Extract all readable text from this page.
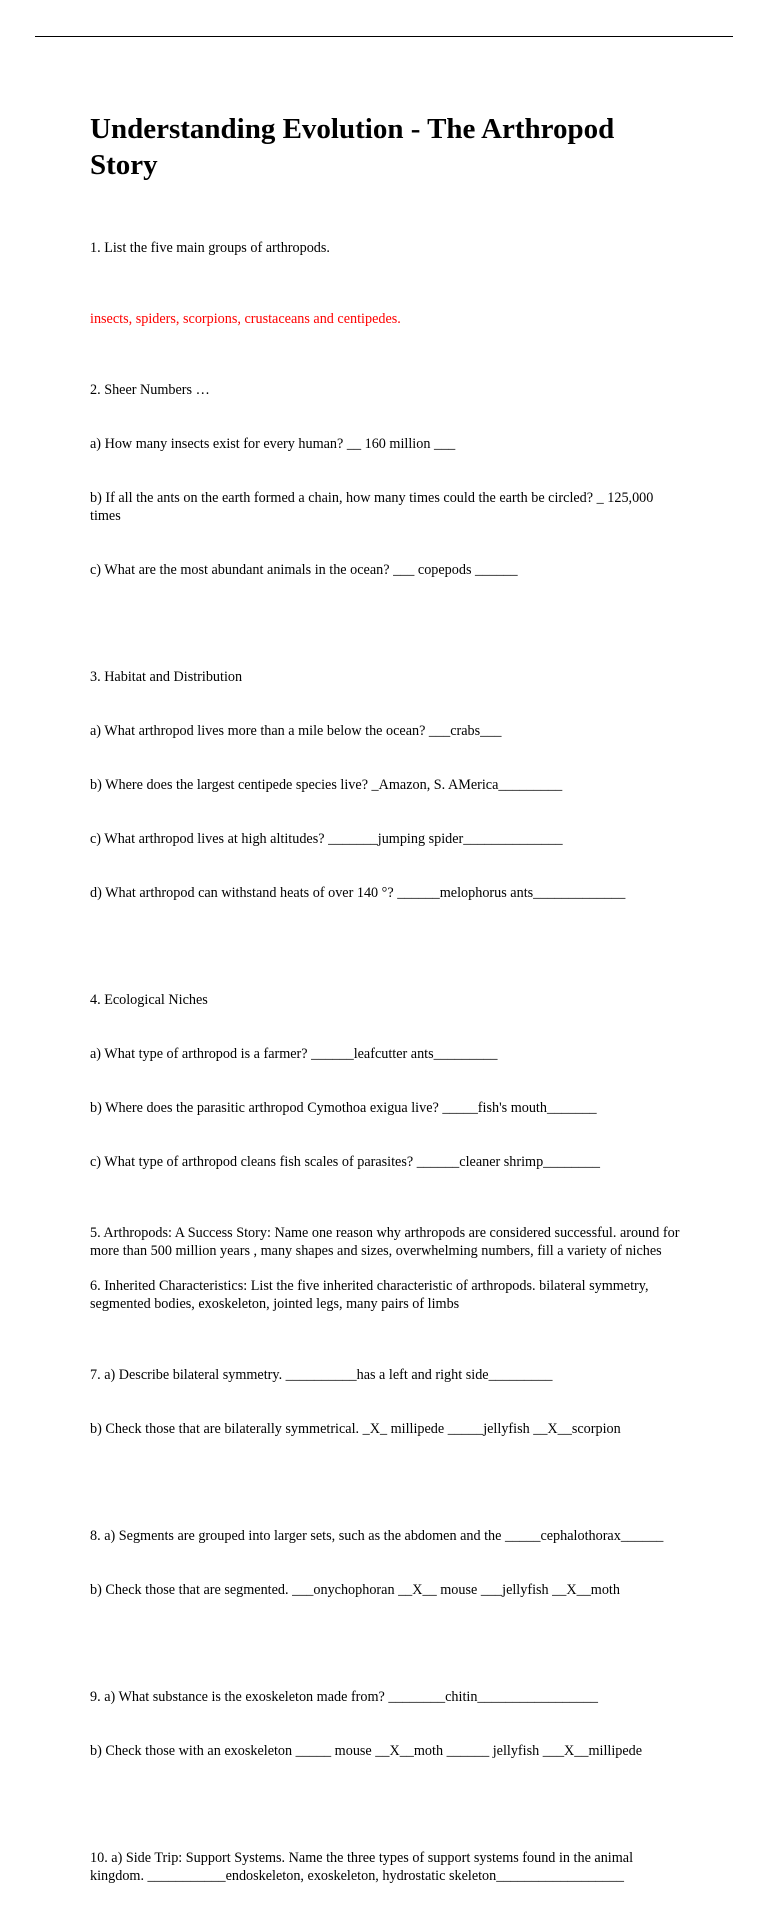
Understanding Evolution - The Arthropod Story

1. List the five main groups of arthropods.

insects, spiders, scorpions, crustaceans and centipedes.

2. Sheer Numbers …

a) How many insects exist for every human? __ 160 million ___

b) If all the ants on the earth formed a chain, how many times could the earth be circled? _ 125,000 times

c) What are the most abundant animals in the ocean? ___ copepods ______

3. Habitat and Distribution

a) What arthropod lives more than a mile below the ocean? ___crabs___

b) Where does the largest centipede species live? _Amazon, S. AMerica_________

c) What arthropod lives at high altitudes? _______jumping spider______________

d) What arthropod can withstand heats of over 140 °? ______melophorus ants_____________

4. Ecological Niches

a) What type of arthropod is a farmer? ______leafcutter ants_________

b) Where does the parasitic arthropod Cymothoa exigua live? _____fish's mouth_______

c) What type of arthropod cleans fish scales of parasites? ______cleaner shrimp________

5. Arthropods: A Success Story: Name one reason why arthropods are considered successful. around for more than 500 million years , many shapes and sizes, overwhelming numbers, fill a variety of niches
6. Inherited Characteristics: List the five inherited characteristic of arthropods. bilateral symmetry, segmented bodies, exoskeleton, jointed legs, many pairs of limbs

7. a) Describe bilateral symmetry. __________has a left and right side_________

b) Check those that are bilaterally symmetrical. _X_ millipede _____jellyfish __X__scorpion

8. a) Segments are grouped into larger sets, such as the abdomen and the _____cephalothorax______

b) Check those that are segmented. ___onychophoran __X__ mouse ___jellyfish __X__moth

9. a) What substance is the exoskeleton made from? ________chitin_________________

b) Check those with an exoskeleton _____ mouse __X__moth ______ jellyfish ___X__millipede

10. a) Side Trip: Support Systems. Name the three types of support systems found in the animal kingdom. ___________endoskeleton, exoskeleton, hydrostatic skeleton__________________
